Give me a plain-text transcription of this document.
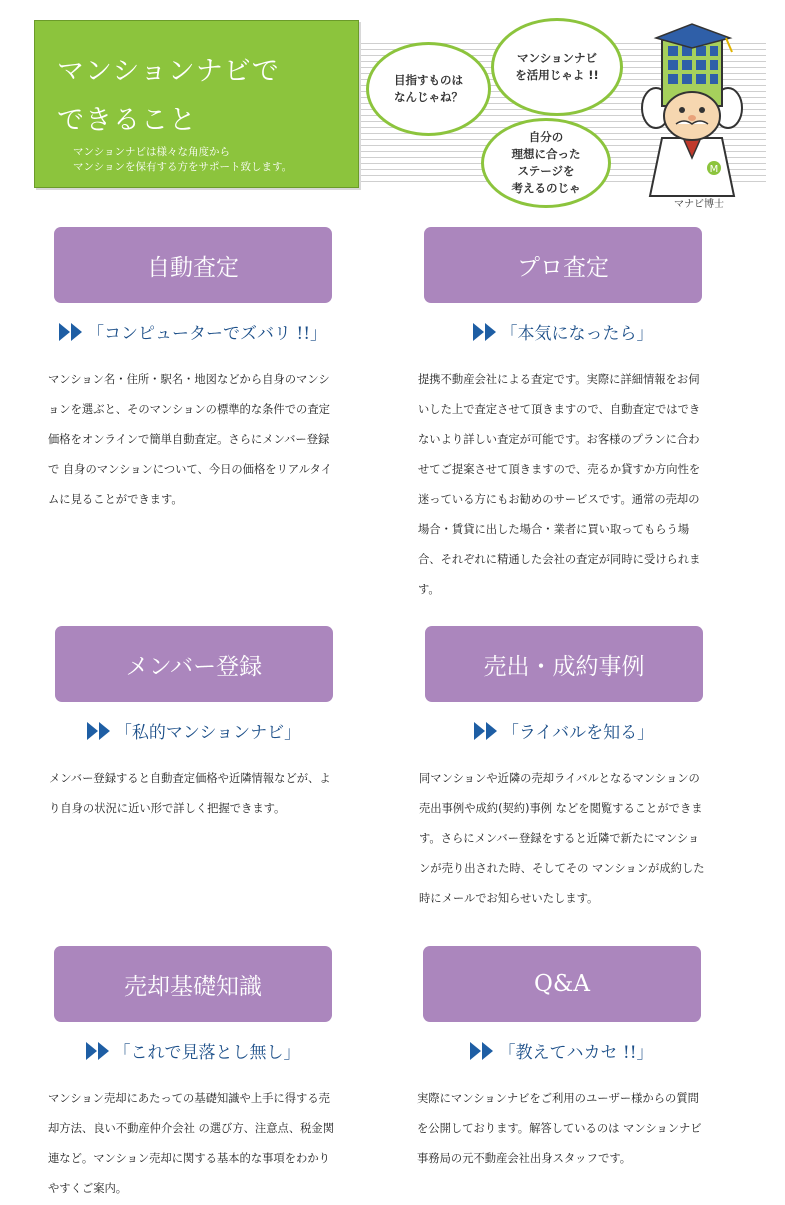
マンションナビで
できること
マンションナビは様々な角度から
マンションを保有する方をサポート致します。
目指すものは
なんじゃね？
マンションナビ
を活用じゃよ !!
自分の
理想に合った
ステージを
考えるのじゃ
M
マナビ博士
自動査定
「コンピューターでズバリ !!」
マンション名・住所・駅名・地図などから自身のマンションを選ぶと、そのマンションの標準的な条件での査定価格をオンラインで簡単自動査定。さらにメンバー登録で 自身のマンションについて、今日の価格をリアルタイムに見ることができます。
プロ査定
「本気になったら」
提携不動産会社による査定です。実際に詳細情報をお伺いした上で査定させて頂きますので、自動査定ではできないより詳しい査定が可能です。お客様のプランに合わせてご提案させて頂きますので、売るか貸すか方向性を迷っている方にもお勧めのサービスです。通常の売却の場合・賃貸に出した場合・業者に買い取ってもらう場合、それぞれに精通した会社の査定が同時に受けられます。
メンバー登録
「私的マンションナビ」
メンバー登録すると自動査定価格や近隣情報などが、より自身の状況に近い形で詳しく把握できます。
売出・成約事例
「ライバルを知る」
同マンションや近隣の売却ライバルとなるマンションの売出事例や成約(契約)事例 などを閲覧することができます。さらにメンバー登録をすると近隣で新たにマンションが売り出された時、そしてその マンションが成約した時にメールでお知らせいたします。
売却基礎知識
「これで見落とし無し」
マンション売却にあたっての基礎知識や上手に得する売却方法、良い不動産仲介会社 の選び方、注意点、税金関連など。マンション売却に関する基本的な事項をわかりやすくご案内。
Q&A
「教えてハカセ !!」
実際にマンションナビをご利用のユーザー様からの質問を公開しております。解答しているのは マンションナビ事務局の元不動産会社出身スタッフです。
